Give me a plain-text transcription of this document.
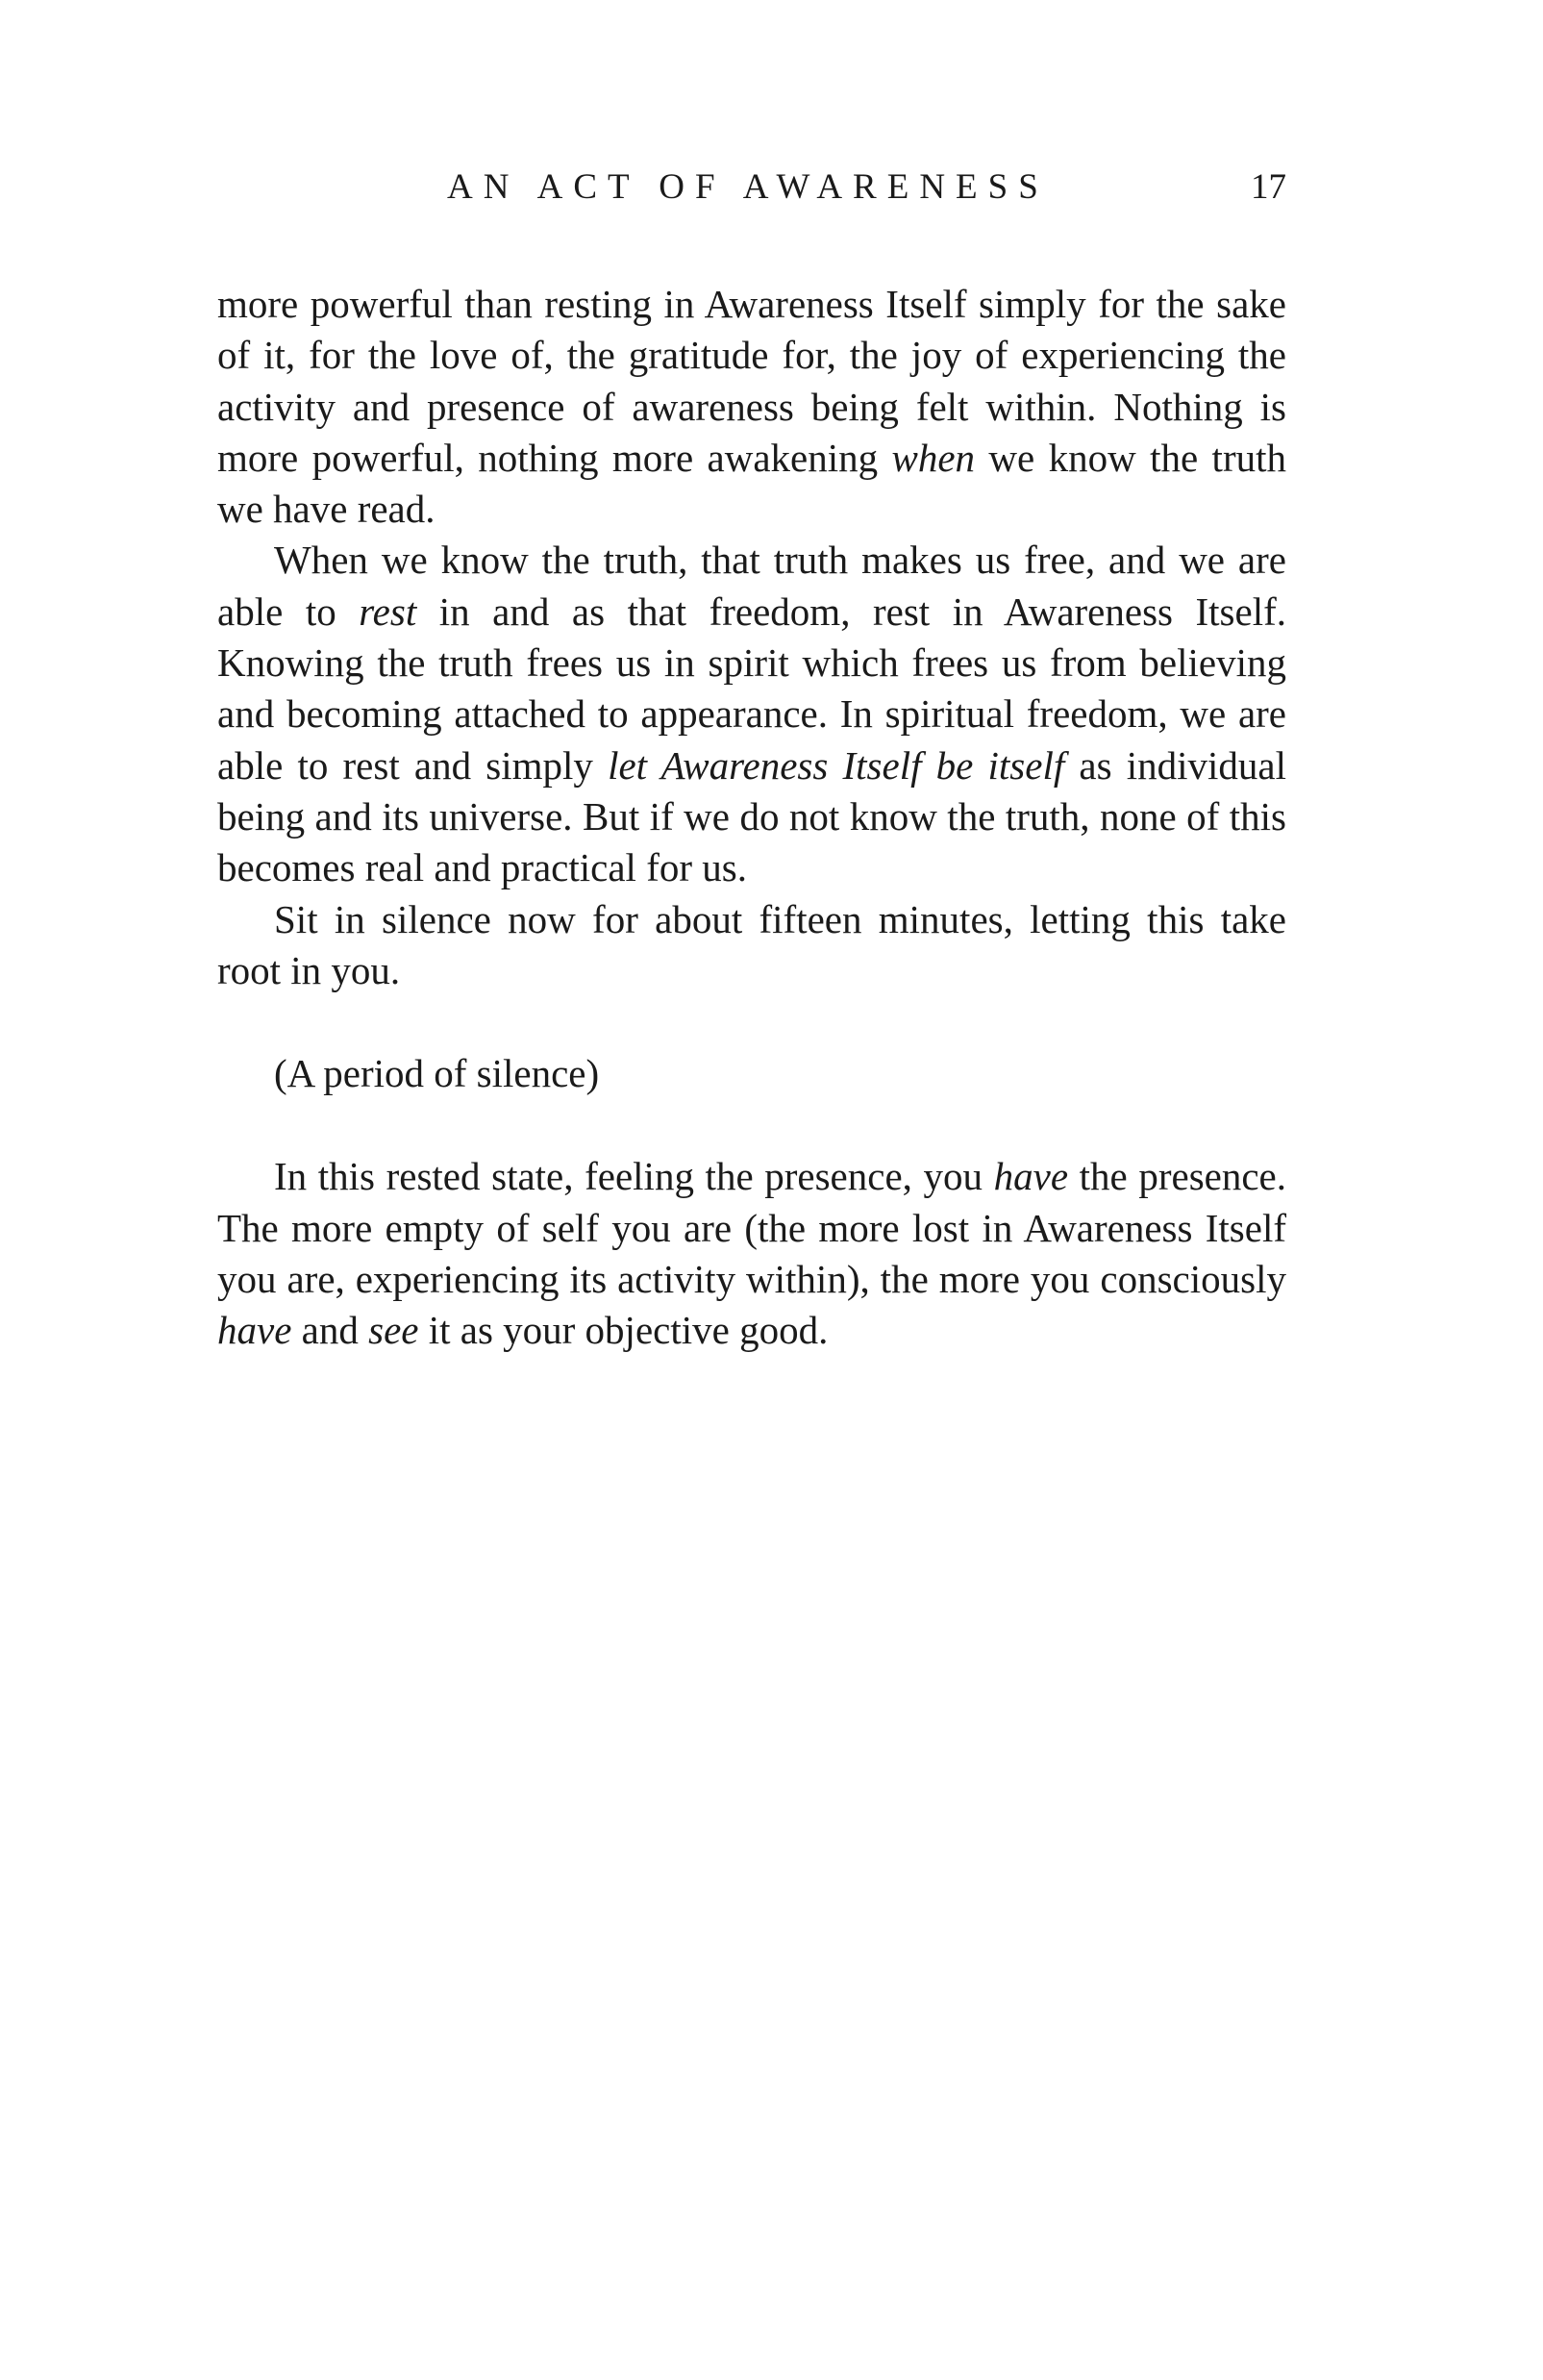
AN ACT OF AWARENESS	17

more powerful than resting in Awareness Itself simply for the sake of it, for the love of, the gratitude for, the joy of experiencing the activity and presence of awareness being felt within. Nothing is more powerful, nothing more awakening when we know the truth we have read.

When we know the truth, that truth makes us free, and we are able to rest in and as that freedom, rest in Awareness Itself. Knowing the truth frees us in spirit which frees us from believing and becoming attached to appearance. In spiritual freedom, we are able to rest and simply let Awareness Itself be itself as individual being and its universe. But if we do not know the truth, none of this becomes real and practical for us.

Sit in silence now for about fifteen minutes, letting this take root in you.

(A period of silence)

In this rested state, feeling the presence, you have the presence. The more empty of self you are (the more lost in Awareness Itself you are, experiencing its activity within), the more you consciously have and see it as your objective good.
